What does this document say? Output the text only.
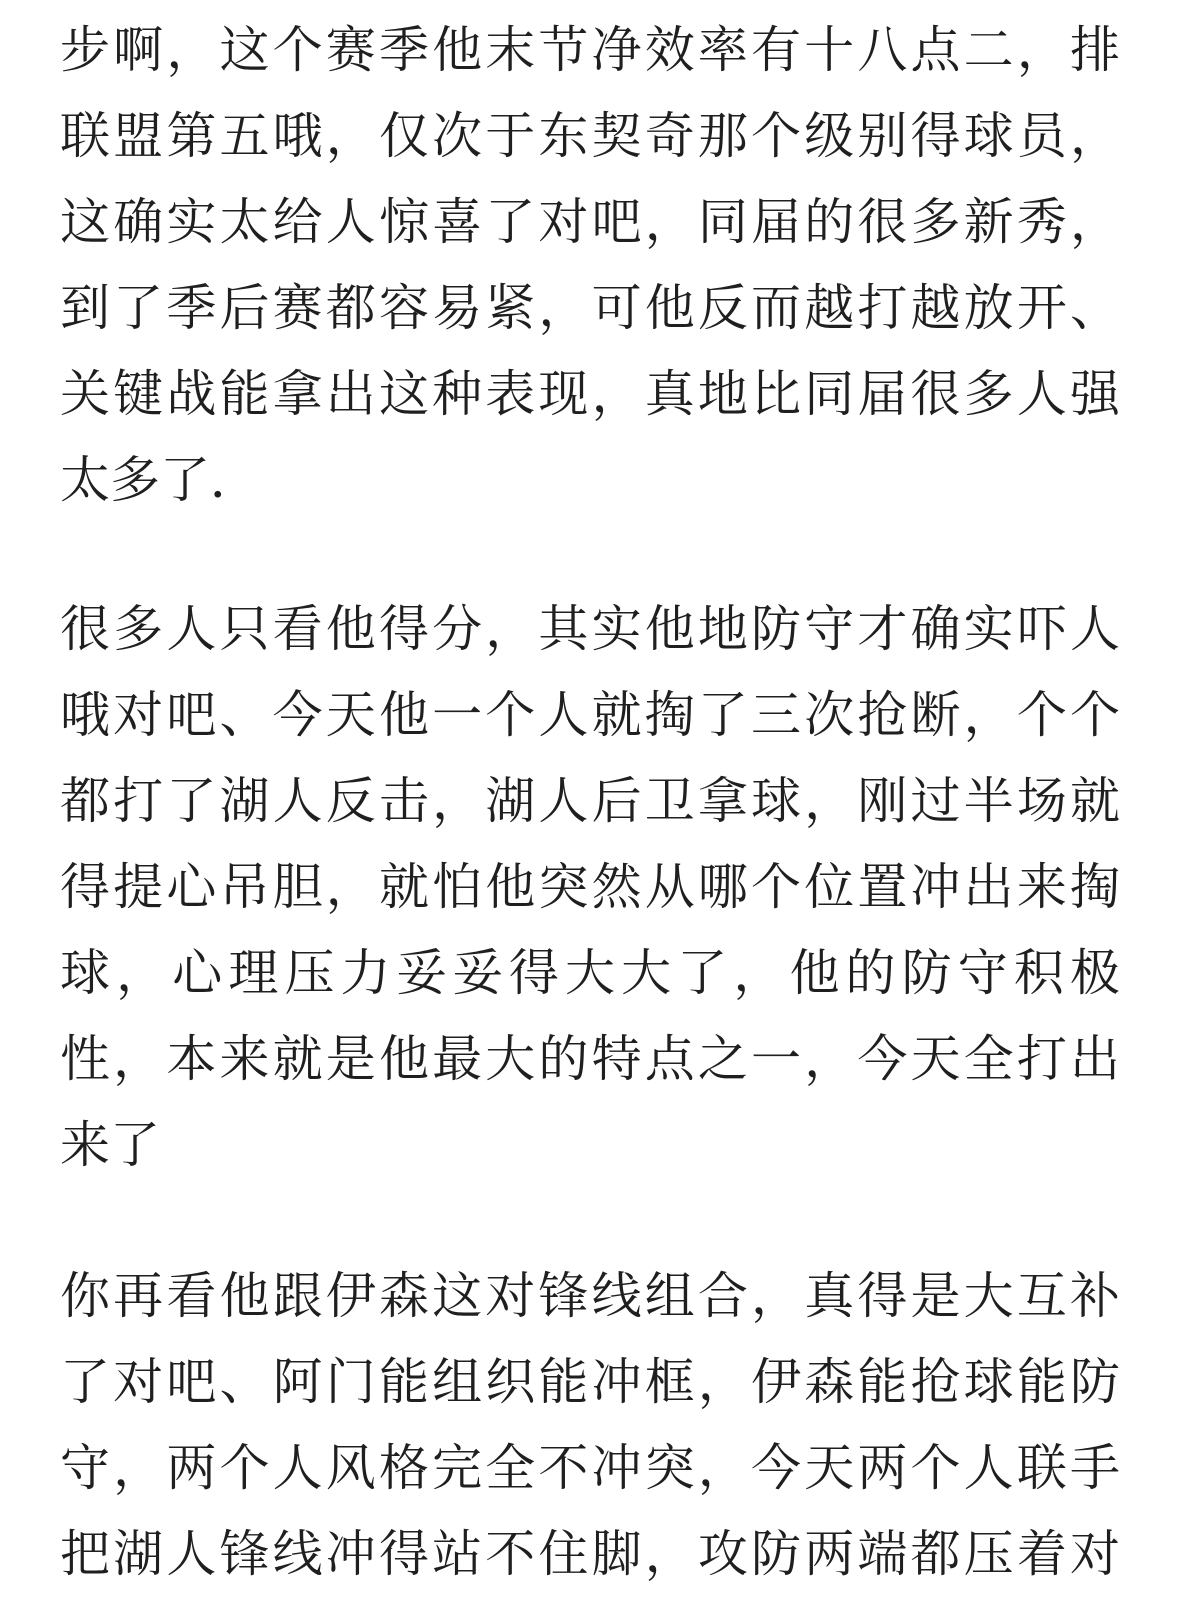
步啊，这个赛季他末节净效率有十八点二，排
联盟第五哦，仅次于东契奇那个级别得球员，
这确实太给人惊喜了对吧，同届的很多新秀，
到了季后赛都容易紧，可他反而越打越放开、
关键战能拿出这种表现，真地比同届很多人强
太多了．
很多人只看他得分，其实他地防守才确实吓人
哦对吧、今天他一个人就掏了三次抢断，个个
都打了湖人反击，湖人后卫拿球，刚过半场就
得提心吊胆，就怕他突然从哪个位置冲出来掏
球，心理压力妥妥得大大了，他的防守积极
性，本来就是他最大的特点之一，今天全打出
来了
你再看他跟伊森这对锋线组合，真得是大互补
了对吧、阿门能组织能冲框，伊森能抢球能防
守，两个人风格完全不冲突，今天两个人联手
把湖人锋线冲得站不住脚，攻防两端都压着对
